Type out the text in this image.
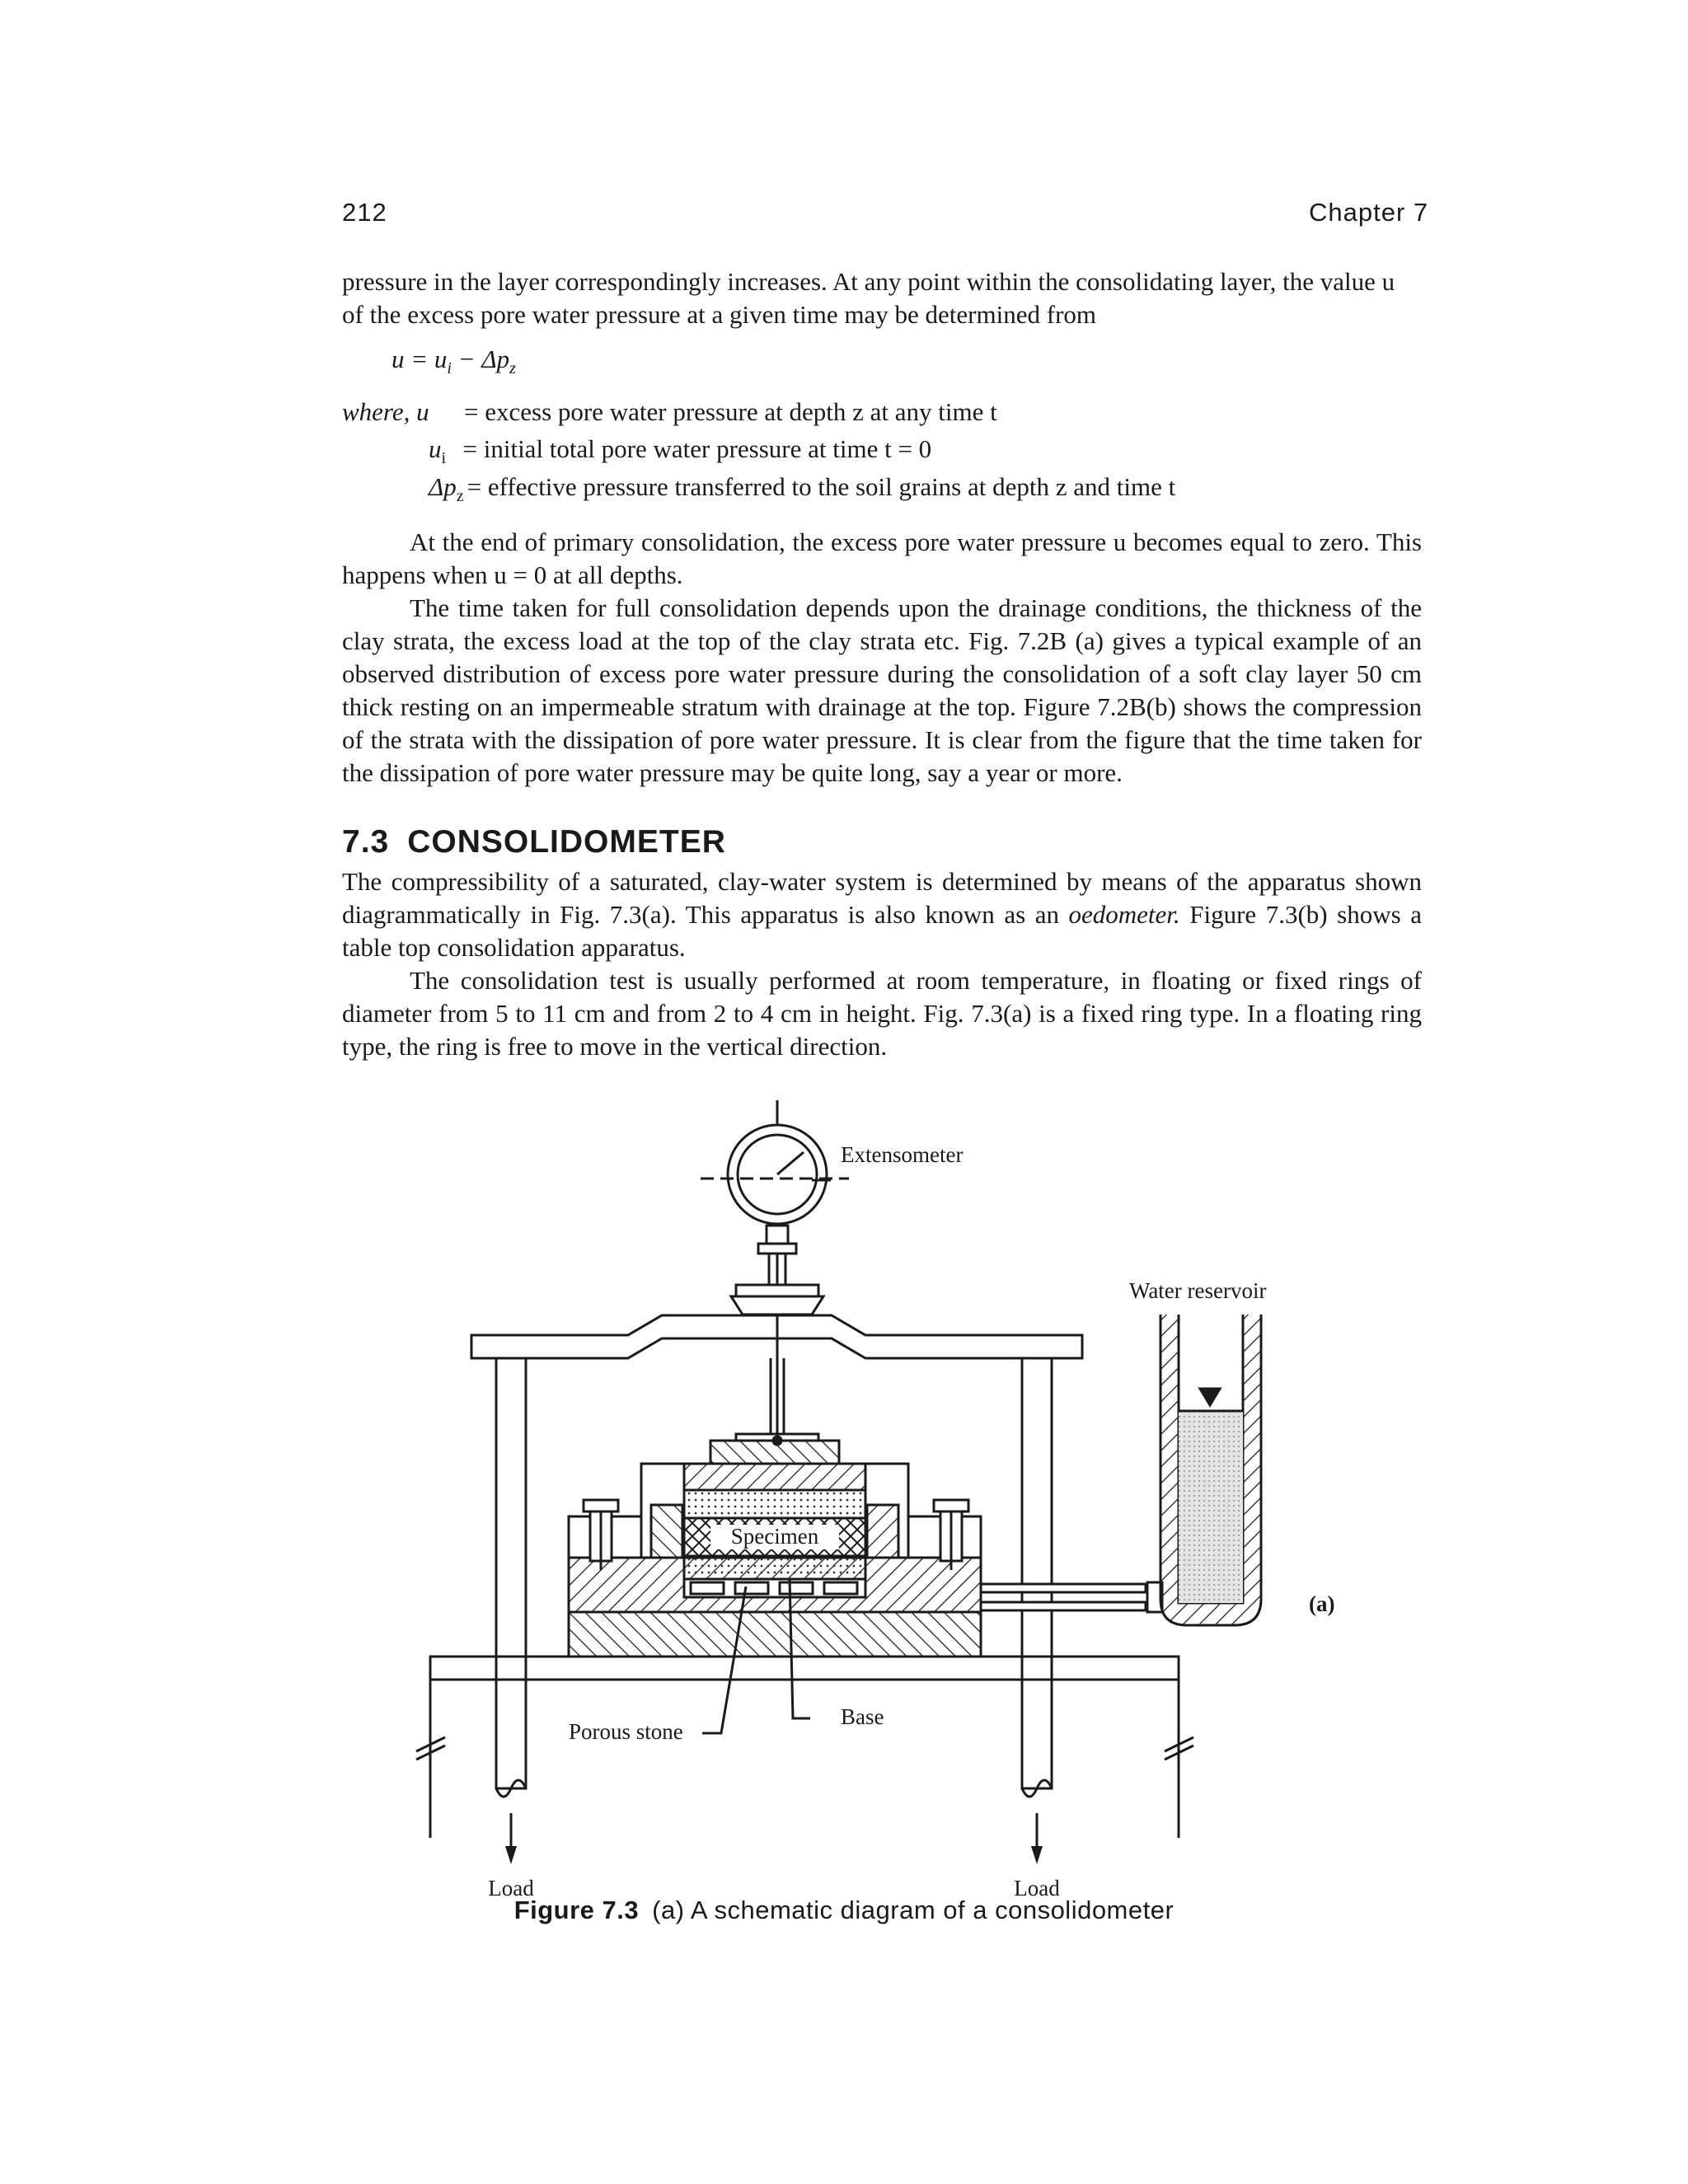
212	Chapter 7

pressure in the layer correspondingly increases. At any point within the consolidating layer, the value u

of the excess pore water pressure at a given time may be determined from

$u = u_i - \Delta p_z$
where, u = excess pore water pressure at depth z at any time t
$u_i$ = initial total pore water pressure at time t = 0
$\Delta p_z$ = effective pressure transferred to the soil grains at depth z and time t

At the end of primary consolidation, the excess pore water pressure u becomes equal to zero. This happens when u = 0 at all depths.

The time taken for full consolidation depends upon the drainage conditions, the thickness of the clay strata, the excess load at the top of the clay strata etc. Fig. 7.2B (a) gives a typical example of an observed distribution of excess pore water pressure during the consolidation of a soft clay layer 50 cm thick resting on an impermeable stratum with drainage at the top. Figure 7.2B(b) shows the compression of the strata with the dissipation of pore water pressure. It is clear from the figure that the time taken for the dissipation of pore water pressure may be quite long, say a year or more.

7.3 CONSOLIDOMETER

The compressibility of a saturated, clay-water system is determined by means of the apparatus shown diagrammatically in Fig. 7.3(a). This apparatus is also known as an oedometer. Figure 7.3(b) shows a table top consolidation apparatus.

The consolidation test is usually performed at room temperature, in floating or fixed rings of diameter from 5 to 11 cm and from 2 to 4 cm in height. Fig. 7.3(a) is a fixed ring type. In a floating ring type, the ring is free to move in the vertical direction.

Extensometer
Water reservoir
Specimen
Porous stone
Base
Load	Load
(a)
Figure 7.3 (a) A schematic diagram of a consolidometer
